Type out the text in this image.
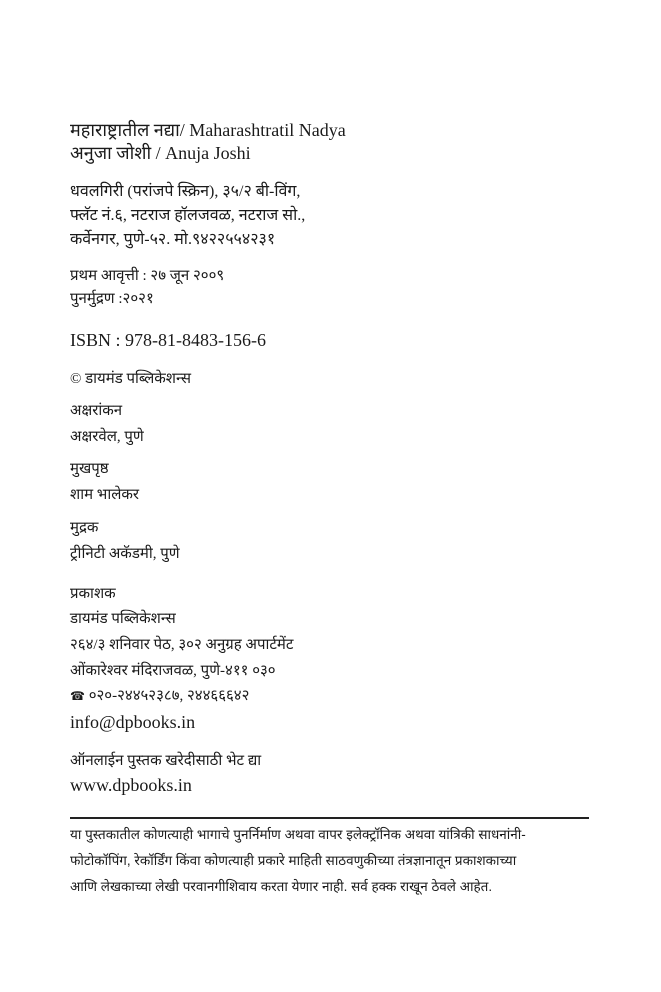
महाराष्ट्रातील नद्या/ Maharashtratil Nadya
अनुजा जोशी / Anuja Joshi
धवलगिरी (परांजपे स्क्रिन), ३५/२ बी-विंग,
फ्लॅट नं.६, नटराज हॉलजवळ, नटराज सो.,
कर्वेनगर, पुणे-५२. मो.९४२२५५४२३१
प्रथम आवृत्ती : २७ जून २००९
पुनर्मुद्रण :२०२१
ISBN : 978-81-8483-156-6
© डायमंड पब्लिकेशन्स
अक्षरांकन
अक्षरवेल, पुणे
मुखपृष्ठ
शाम भालेकर
मुद्रक
ट्रीनिटी अकॅडमी, पुणे
प्रकाशक
डायमंड पब्लिकेशन्स
२६४/३ शनिवार पेठ, ३०२ अनुग्रह अपार्टमेंट
ओंकारेश्वर मंदिराजवळ, पुणे-४११ ०३०
☎ ०२०-२४४५२३८७, २४४६६६४२
info@dpbooks.in
ऑनलाईन पुस्तक खरेदीसाठी भेट द्या
www.dpbooks.in
या पुस्तकातील कोणत्याही भागाचे पुनर्निर्माण अथवा वापर इलेक्ट्रॉनिक अथवा यांत्रिकी साधनांनी-
फोटोकॉपिंग, रेकॉर्डिंग किंवा कोणत्याही प्रकारे माहिती साठवणुकीच्या तंत्रज्ञानातून प्रकाशकाच्या
आणि लेखकाच्या लेखी परवानगीशिवाय करता येणार नाही. सर्व हक्क राखून ठेवले आहेत.
